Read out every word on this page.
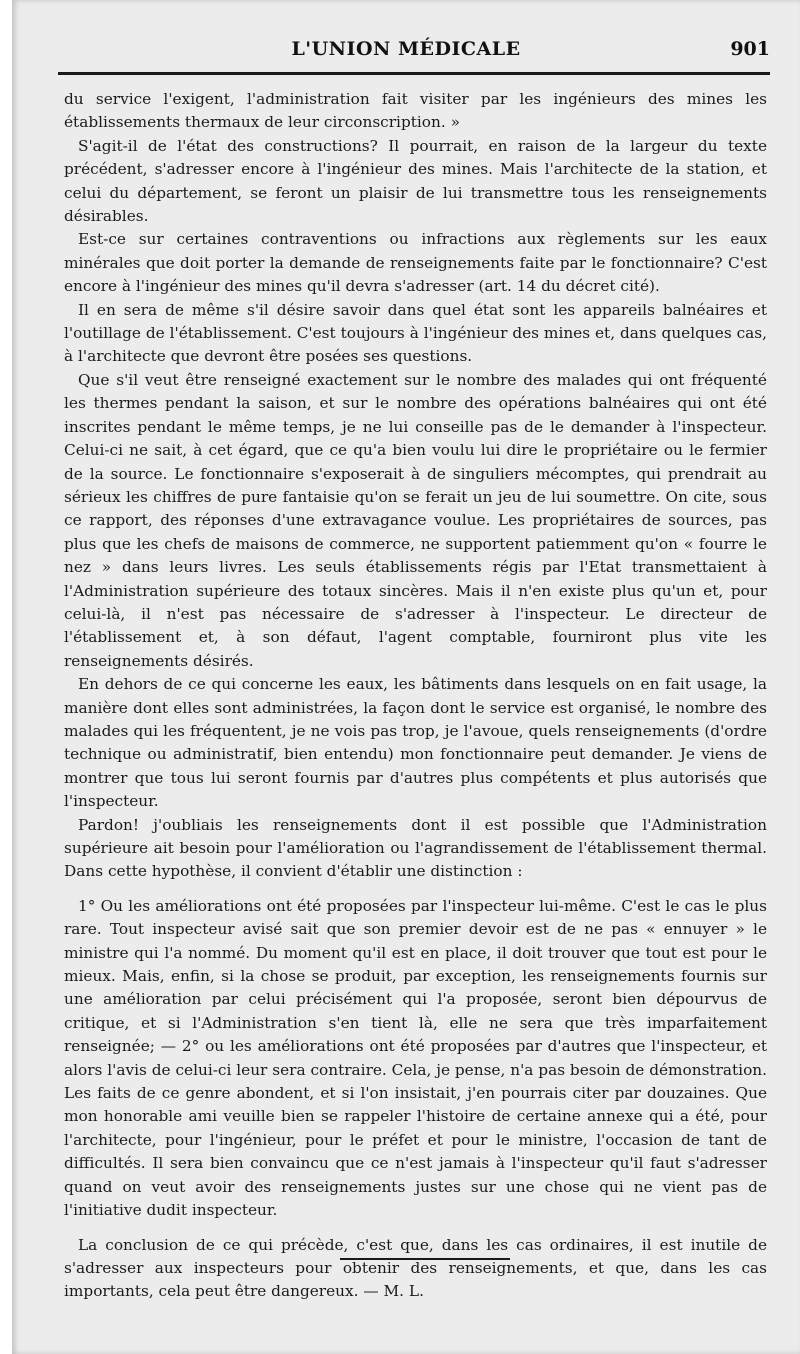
L'UNION MÉDICALE	901

du service l'exigent, l'administration fait visiter par les ingénieurs des mines les établissements thermaux de leur circonscription. »

S'agit-il de l'état des constructions? Il pourrait, en raison de la largeur du texte précédent, s'adresser encore à l'ingénieur des mines. Mais l'architecte de la station, et celui du département, se feront un plaisir de lui transmettre tous les renseignements désirables.

Est-ce sur certaines contraventions ou infractions aux règlements sur les eaux minérales que doit porter la demande de renseignements faite par le fonctionnaire? C'est encore à l'ingénieur des mines qu'il devra s'adresser (art. 14 du décret cité).

Il en sera de même s'il désire savoir dans quel état sont les appareils balnéaires et l'outillage de l'établissement. C'est toujours à l'ingénieur des mines et, dans quelques cas, à l'architecte que devront être posées ses questions.

Que s'il veut être renseigné exactement sur le nombre des malades qui ont fréquenté les thermes pendant la saison, et sur le nombre des opérations balnéaires qui ont été inscrites pendant le même temps, je ne lui conseille pas de le demander à l'inspecteur. Celui-ci ne sait, à cet égard, que ce qu'a bien voulu lui dire le propriétaire ou le fermier de la source. Le fonctionnaire s'exposerait à de singuliers mécomptes, qui prendrait au sérieux les chiffres de pure fantaisie qu'on se ferait un jeu de lui soumettre. On cite, sous ce rapport, des réponses d'une extravagance voulue. Les propriétaires de sources, pas plus que les chefs de maisons de commerce, ne supportent patiemment qu'on « fourre le nez » dans leurs livres. Les seuls établissements régis par l'Etat transmettaient à l'Administration supérieure des totaux sincères. Mais il n'en existe plus qu'un et, pour celui-là, il n'est pas nécessaire de s'adresser à l'inspecteur. Le directeur de l'établissement et, à son défaut, l'agent comptable, fourniront plus vite les renseignements désirés.

En dehors de ce qui concerne les eaux, les bâtiments dans lesquels on en fait usage, la manière dont elles sont administrées, la façon dont le service est organisé, le nombre des malades qui les fréquentent, je ne vois pas trop, je l'avoue, quels renseignements (d'ordre technique ou administratif, bien entendu) mon fonctionnaire peut demander. Je viens de montrer que tous lui seront fournis par d'autres plus compétents et plus autorisés que l'inspecteur.

Pardon! j'oubliais les renseignements dont il est possible que l'Administration supérieure ait besoin pour l'amélioration ou l'agrandissement de l'établissement thermal. Dans cette hypothèse, il convient d'établir une distinction :

1° Ou les améliorations ont été proposées par l'inspecteur lui-même. C'est le cas le plus rare. Tout inspecteur avisé sait que son premier devoir est de ne pas « ennuyer » le ministre qui l'a nommé. Du moment qu'il est en place, il doit trouver que tout est pour le mieux. Mais, enfin, si la chose se produit, par exception, les renseignements fournis sur une amélioration par celui précisément qui l'a proposée, seront bien dépourvus de critique, et si l'Administration s'en tient là, elle ne sera que très imparfaitement renseignée; — 2° ou les améliorations ont été proposées par d'autres que l'inspecteur, et alors l'avis de celui-ci leur sera contraire. Cela, je pense, n'a pas besoin de démonstration. Les faits de ce genre abondent, et si l'on insistait, j'en pourrais citer par douzaines. Que mon honorable ami veuille bien se rappeler l'histoire de certaine annexe qui a été, pour l'architecte, pour l'ingénieur, pour le préfet et pour le ministre, l'occasion de tant de difficultés. Il sera bien convaincu que ce n'est jamais à l'inspecteur qu'il faut s'adresser quand on veut avoir des renseignements justes sur une chose qui ne vient pas de l'initiative dudit inspecteur.

La conclusion de ce qui précède, c'est que, dans les cas ordinaires, il est inutile de s'adresser aux inspecteurs pour obtenir des renseignements, et que, dans les cas importants, cela peut être dangereux. — M. L.
